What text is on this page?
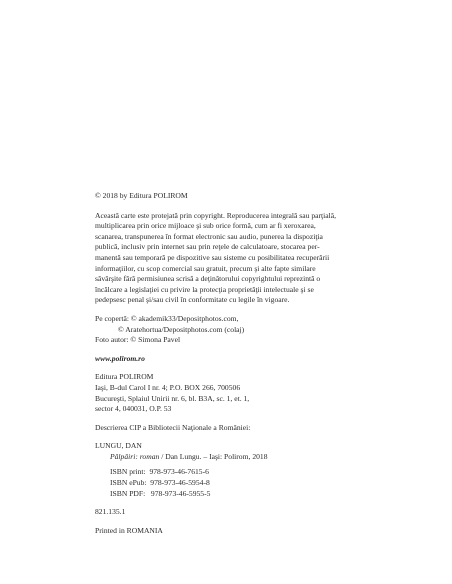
© 2018 by Editura POLIROM
Această carte este protejată prin copyright. Reproducerea integrală sau parţială,
multiplicarea prin orice mijloace şi sub orice formă, cum ar fi xeroxarea,
scanarea, transpunerea în format electronic sau audio, punerea la dispoziţia
publică, inclusiv prin internet sau prin reţele de calculatoare, stocarea per-
manentă sau temporară pe dispozitive sau sisteme cu posibilitatea recuperării
informaţiilor, cu scop comercial sau gratuit, precum şi alte fapte similare
săvârşite fără permisiunea scrisă a deţinătorului copyrightului reprezintă o
încălcare a legislaţiei cu privire la protecţia proprietăţii intelectuale şi se
pedepsesc penal şi/sau civil în conformitate cu legile în vigoare.
Pe copertă: © akademik33/Depositphotos.com,
© Aratehortua/Depositphotos.com (colaj)
Foto autor: © Simona Pavel
www.polirom.ro
Editura POLIROM
Iaşi, B-dul Carol I nr. 4; P.O. BOX 266, 700506
Bucureşti, Splaiul Unirii nr. 6, bl. B3A, sc. 1, et. 1,
sector 4, 040031, O.P. 53
Descrierea CIP a Bibliotecii Naţionale a României:
LUNGU, DAN
Pâlpâiri: roman / Dan Lungu. – Iaşi: Polirom, 2018
ISBN print:  978-973-46-7615-6
ISBN ePub:  978-973-46-5954-8
ISBN PDF:   978-973-46-5955-5
821.135.1
Printed in ROMANIA
